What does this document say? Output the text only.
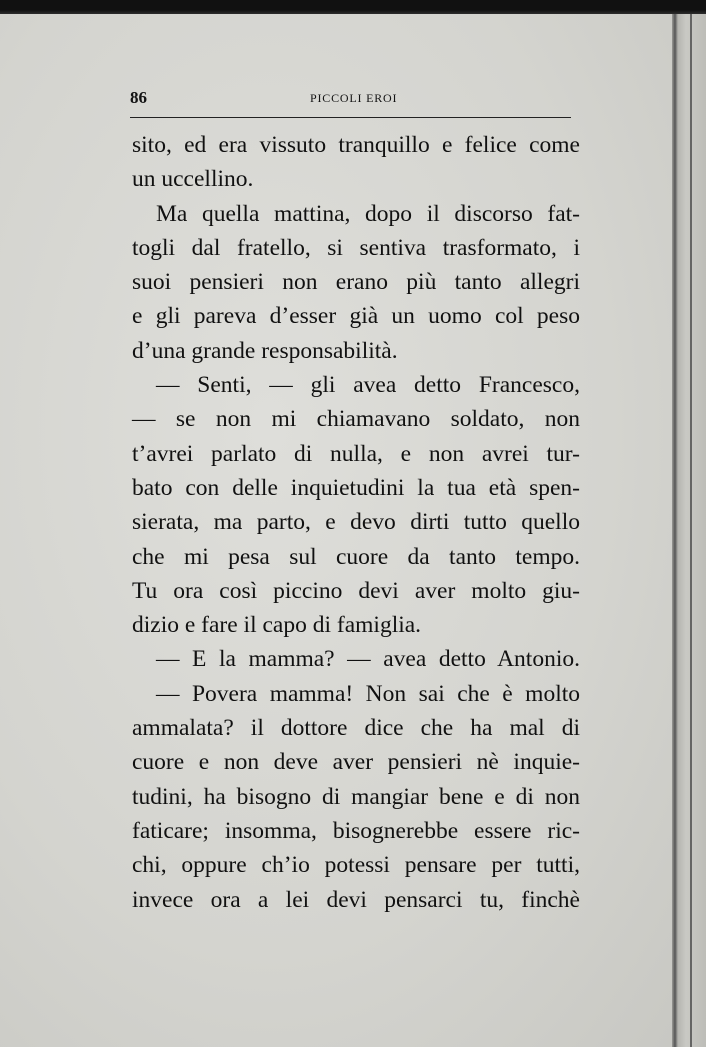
86	PICCOLI EROI
sito, ed era vissuto tranquillo e felice come
un uccellino.
Ma quella mattina, dopo il discorso fat-
togli dal fratello, si sentiva trasformato, i
suoi pensieri non erano più tanto allegri
e gli pareva d’esser già un uomo col peso
d’una grande responsabilità.
— Senti, — gli avea detto Francesco,
— se non mi chiamavano soldato, non
t’avrei parlato di nulla, e non avrei tur-
bato con delle inquietudini la tua età spen-
sierata, ma parto, e devo dirti tutto quello
che mi pesa sul cuore da tanto tempo.
Tu ora così piccino devi aver molto giu-
dizio e fare il capo di famiglia.
— E la mamma? — avea detto Antonio.
— Povera mamma! Non sai che è molto
ammalata? il dottore dice che ha mal di
cuore e non deve aver pensieri nè inquie-
tudini, ha bisogno di mangiar bene e di non
faticare; insomma, bisognerebbe essere ric-
chi, oppure ch’io potessi pensare per tutti,
invece ora a lei devi pensarci tu, finchè
